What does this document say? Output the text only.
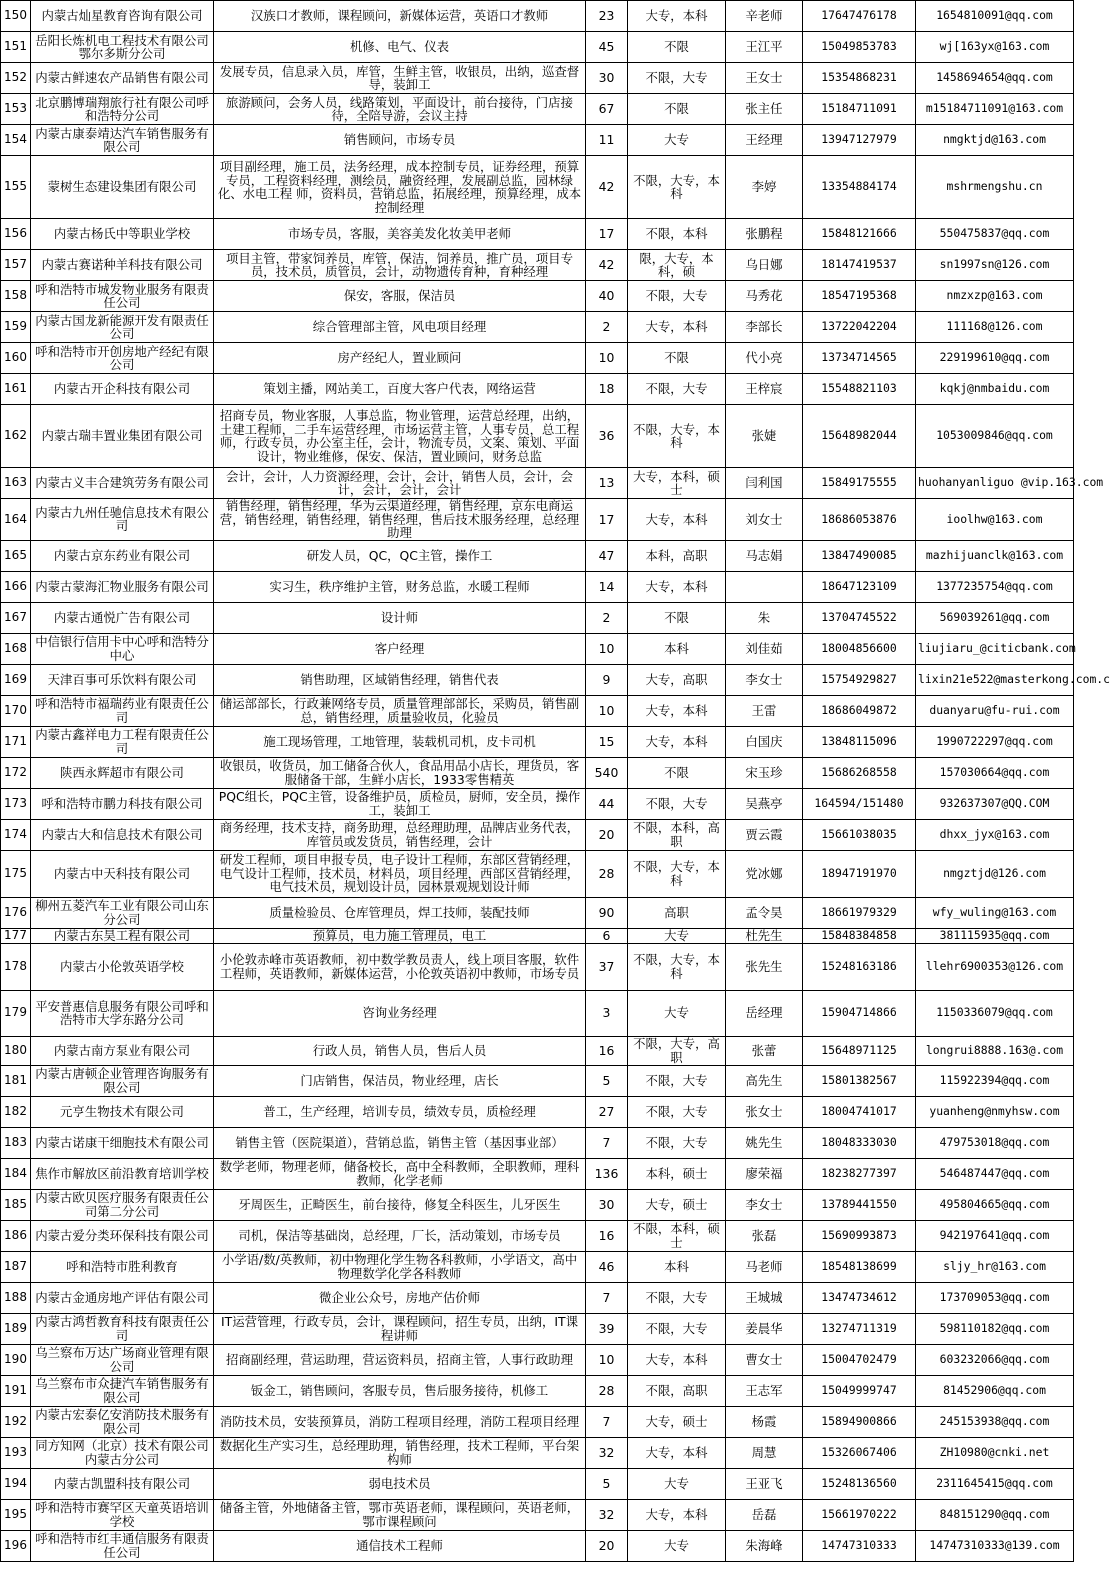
150	内蒙古灿星教育咨询有限公司	汉族口才教师，课程顾问，新媒体运营，英语口才教师	23	大专，本科	辛老师	17647476178	1654810091@qq.com
151	岳阳长炼机电工程技术有限公司鄂尔多斯分公司	机修、电气、仪表	45	不限	王江平	15049853783	wj[163yx@163.com
152	内蒙古鲜速农产品销售有限公司	发展专员，信息录入员，库管，生鲜主管，收银员，出纳，巡查督导，装卸工	30	不限，大专	王女士	15354868231	1458694654@qq.com
153	北京鹏博瑞翔旅行社有限公司呼和浩特分公司	旅游顾问，会务人员，线路策划，平面设计，前台接待，门店接待，全陪导游，会议主持	67	不限	张主任	15184711091	m15184711091@163.com
154	内蒙古康泰靖达汽车销售服务有限公司	销售顾问，市场专员	11	大专	王经理	13947127979	nmgktjd@163.com
155	蒙树生态建设集团有限公司	项目副经理，施工员，法务经理，成本控制专员，证券经理，预算专员，工程资料经理，测绘员，融资经理，发展副总监，园林绿化、水电工程 师，资料员，营销总监，拓展经理，预算经理，成本控制经理	42	不限，大专，本科	李婷	13354884174	mshrmengshu.cn
156	内蒙古杨氏中等职业学校	市场专员，客服，美容美发化妆美甲老师	17	不限，本科	张鹏程	15848121666	550475837@qq.com
157	内蒙古赛诺种羊科技有限公司	项目主管，带家饲养员，库管，保洁，饲养员，推广员，项目专员，技术员，质管员，会计，动物遗传育种，育种经理	42	限，大专，本科，硕	乌日娜	18147419537	sn1997sn@126.com
158	呼和浩特市城发物业服务有限责任公司	保安，客服，保洁员	40	不限，大专	马秀花	18547195368	nmzxzp@163.com
159	内蒙古国龙新能源开发有限责任公司	综合管理部主管，风电项目经理	2	大专，本科	李部长	13722042204	111168@126.com
160	呼和浩特市开创房地产经纪有限公司	房产经纪人，置业顾问	10	不限	代小亮	13734714565	229199610@qq.com
161	内蒙古开企科技有限公司	策划主播，网站美工，百度大客户代表，网络运营	18	不限，大专	王梓宸	15548821103	kqkj@nmbaidu.com
162	内蒙古瑞丰置业集团有限公司	招商专员，物业客服，人事总监，物业管理，运营总经理，出纳，土建工程师，二手车运营经理，市场运营主管，人事专员，总工程师，行政专员，办公室主任，会计，物流专员，文案、策划、平面设计，物业维修，保安、保洁，置业顾问，财务总监	36	不限，大专，本科	张婕	15648982044	1053009846@qq.com
163	内蒙古义丰合建筑劳务有限公司	会计，会计，人力资源经理，会计，会计，销售人员，会计，会计，会计，会计，会计	13	大专，本科，硕士	闫利国	15849175555	huohanyanliguo @vip.163.com
164	内蒙古九州任驰信息技术有限公司	销售经理，销售经理，华为云渠道经理，销售经理，京东电商运营，销售经理，销售经理，销售经理，售后技术服务经理，总经理助理	17	大专，本科	刘女士	18686053876	ioolhw@163.com
165	内蒙古京东药业有限公司	研发人员，QC，QC主管，操作工	47	本科，高职	马志娟	13847490085	mazhijuanclk@163.com
166	内蒙古蒙海汇物业服务有限公司	实习生，秩序维护主管，财务总监，水暖工程师	14	大专，本科		18647123109	1377235754@qq.com
167	内蒙古通悦广告有限公司	设计师	2	不限	朱	13704745522	569039261@qq.com
168	中信银行信用卡中心呼和浩特分中心	客户经理	10	本科	刘佳茹	18004856600	liujiaru_@citicbank.com
169	天津百事可乐饮料有限公司	销售助理，区域销售经理，销售代表	9	大专，高职	李女士	15754929827	lixin21e522@masterkong.com.c
170	呼和浩特市福瑞药业有限责任公司	储运部部长，行政兼网络专员，质量管理部部长，采购员，销售副总，销售经理，质量验收员，化验员	10	大专，本科	王雷	18686049872	duanyaru@fu-rui.com
171	内蒙古鑫祥电力工程有限责任公司	施工现场管理，工地管理，装载机司机，皮卡司机	15	大专，本科	白国庆	13848115096	1990722297@qq.com
172	陕西永辉超市有限公司	收银员，收货员，加工储备合伙人，食品用品小店长，理货员，客服储备干部，生鲜小店长，1933零售精英	540	不限	宋玉珍	15686268558	157030664@qq.com
173	呼和浩特市鹏力科技有限公司	PQC组长，PQC主管，设备维护员，质检员，厨师，安全员，操作工，装卸工	44	不限，大专	吴燕亭	164594/151480	932637307@QQ.COM
174	内蒙古大和信息技术有限公司	商务经理，技术支持，商务助理，总经理助理，品牌店业务代表，库管员或发货员，销售经理，会计	20	不限，本科，高职	贾云霞	15661038035	dhxx_jyx@163.com
175	内蒙古中天科技有限公司	研发工程师，项目申报专员，电子设计工程师，东部区营销经理，电气设计工程师，技术员，材料员，项目经理，西部区营销经理，电气技术员，规划设计员，园林景观规划设计师	28	不限，大专，本科	党冰娜	18947191970	nmgztjd@126.com
176	柳州五菱汽车工业有限公司山东分公司	质量检验员、仓库管理员，焊工技师，装配技师	90	高职	孟令昊	18661979329	wfy_wuling@163.com
177	内蒙古东昊工程有限公司	预算员，电力施工管理员，电工	6	大专	杜先生	15848384858	381115935@qq.com
178	内蒙古小伦敦英语学校	小伦敦赤峰市英语教师，初中数学教员责人，线上项目客服，软件工程师，英语教师，新媒体运营，小伦敦英语初中教师，市场专员	37	不限，大专，本科	张先生	15248163186	llehr6900353@126.com
179	平安普惠信息服务有限公司呼和浩特市大学东路分公司	咨询业务经理	3	大专	岳经理	15904714866	1150336079@qq.com
180	内蒙古南方泵业有限公司	行政人员，销售人员，售后人员	16	不限，大专，高职	张蕾	15648971125	longrui8888.163@.com
181	内蒙古唐顿企业管理咨询服务有限公司	门店销售，保洁员，物业经理，店长	5	不限，大专	高先生	15801382567	115922394@qq.com
182	元亨生物技术有限公司	普工，生产经理，培训专员，绩效专员，质检经理	27	不限，大专	张女士	18004741017	yuanheng@nmyhsw.com
183	内蒙古诺康干细胞技术有限公司	销售主管（医院渠道），营销总监，销售主管（基因事业部）	7	不限，大专	姚先生	18048333030	479753018@qq.com
184	焦作市解放区前沿教育培训学校	数学老师，物理老师，储备校长，高中全科教师，全职教师，理科教师，化学老师	136	本科，硕士	廖荣福	18238277397	546487447@qq.com
185	内蒙古欧贝医疗服务有限责任公司第二分公司	牙周医生，正畸医生，前台接待，修复全科医生，儿牙医生	30	大专，硕士	李女士	13789441550	495804665@qq.com
186	内蒙古爱分类环保科技有限公司	司机，保洁等基础岗，总经理，厂长，活动策划，市场专员	16	不限，本科，硕士	张磊	15690993873	942197641@qq.com
187	呼和浩特市胜利教育	小学语/数/英教师，初中物理化学生物各科教师，小学语文，高中物理数学化学各科教师	46	本科	马老师	18548138699	sljy_hr@163.com
188	内蒙古金通房地产评估有限公司	微企业公众号，房地产估价师	7	不限，大专	王城城	13474734612	173709053@qq.com
189	内蒙古鸿哲教育科技有限责任公司	IT运营管理，行政专员，会计，课程顾问，招生专员，出纳，IT课程讲师	39	不限，大专	姜晨华	13274711319	598110182@qq.com
190	乌兰察布万达广场商业管理有限公司	招商副经理，营运助理，营运资料员，招商主管，人事行政助理	10	大专，本科	曹女士	15004702479	603232066@qq.com
191	乌兰察布市众捷汽车销售服务有限公司	钣金工，销售顾问，客服专员，售后服务接待，机修工	28	不限，高职	王志军	15049999747	81452906@qq.com
192	内蒙古宏泰亿安消防技术服务有限公司	消防技术员，安装预算员，消防工程项目经理，消防工程项目经理	7	大专，硕士	杨霞	15894900866	245153938@qq.com
193	同方知网（北京）技术有限公司内蒙古分公司	数据化生产实习生，总经理助理，销售经理，技术工程师，平台架构师	32	大专，本科	周慧	15326067406	ZH10980@cnki.net
194	内蒙古凯盟科技有限公司	弱电技术员	5	大专	王亚飞	15248136560	2311645415@qq.com
195	呼和浩特市赛罕区天童英语培训学校	储备主管，外地储备主管，鄂市英语老师，课程顾问，英语老师，鄂市课程顾问	32	大专，本科	岳磊	15661970222	848151290@qq.com
196	呼和浩特市红丰通信服务有限责任公司	通信技术工程师	20	大专	朱海峰	14747310333	14747310333@139.com
